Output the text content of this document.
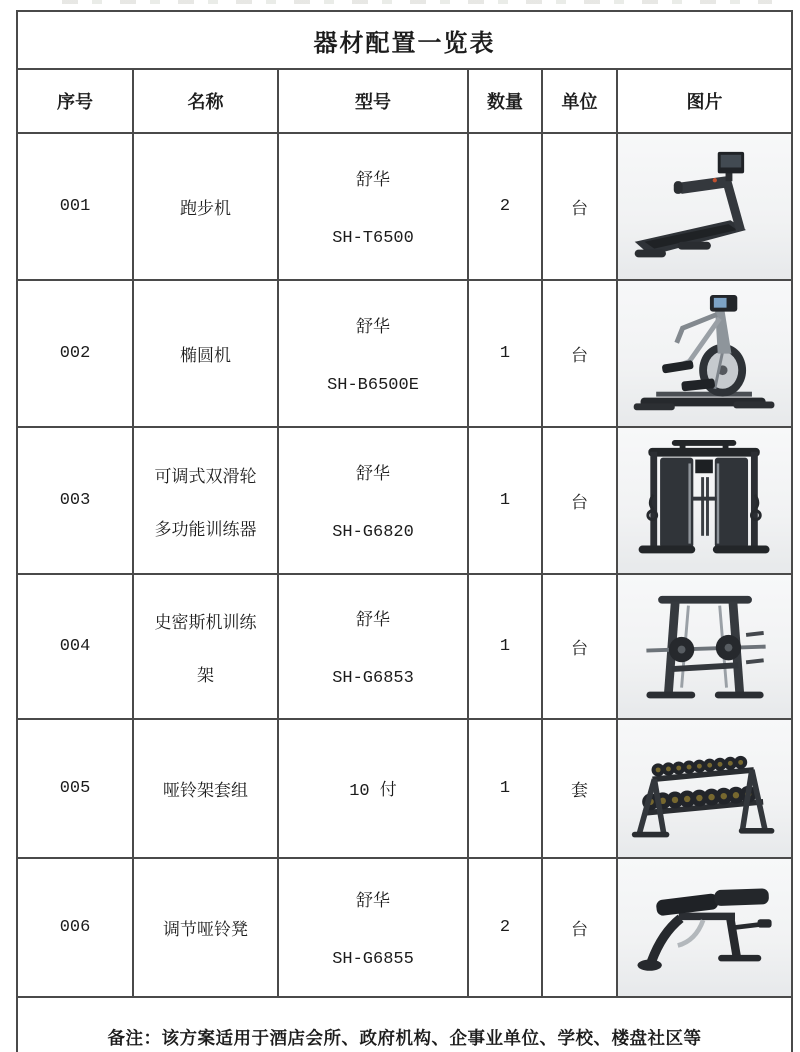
器材配置一览表					
序号	名称	型号	数量	单位	图片
001	跑步机	舒华
SH-T6500	2	台	

002	椭圆机	舒华
SH-B6500E	1	台	

003	可调式双滑轮
多功能训练器	舒华
SH-G6820	1	台	

004	史密斯机训练
架	舒华
SH-G6853	1	台	

005	哑铃架套组	10 付	1	套	

006	调节哑铃凳	舒华
SH-G6855	2	台	

备注：该方案适用于酒店会所、政府机构、企事业单位、学校、楼盘社区等					
